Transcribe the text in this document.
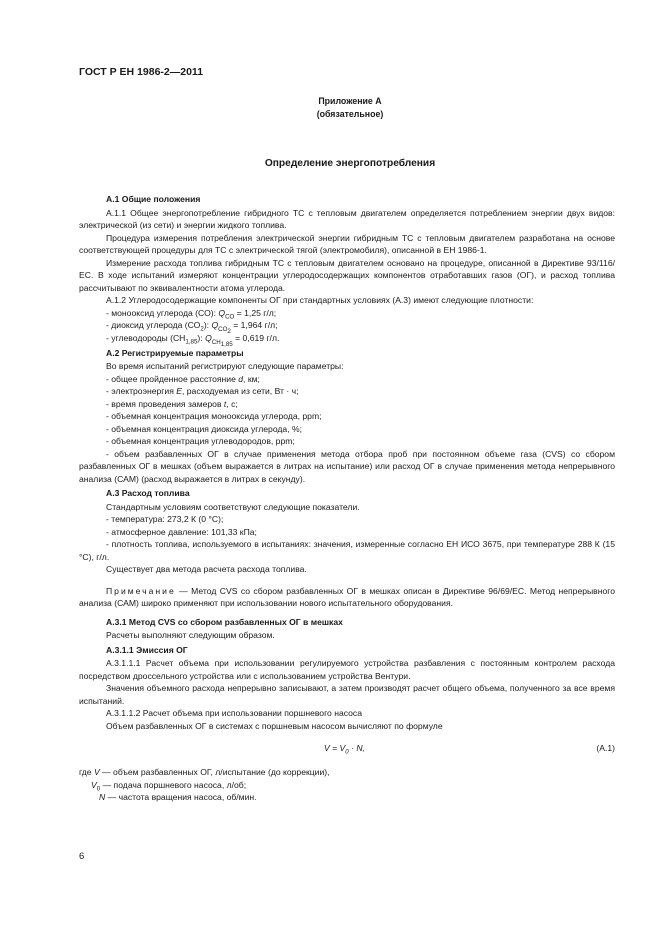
ГОСТ Р ЕН 1986-2—2011
Приложение А
(обязательное)
Определение энергопотребления
А.1 Общие положения

А.1.1 Общее энергопотребление гибридного ТС с тепловым двигателем определяется потреблением энергии двух видов: электрической (из сети) и энергии жидкого топлива.

Процедура измерения потребления электрической энергии гибридным ТС с тепловым двигателем разработана на основе соответствующей процедуры для ТС с электрической тягой (электромобиля), описанной в ЕН 1986-1.

Измерение расхода топлива гибридным ТС с тепловым двигателем основано на процедуре, описанной в Директиве 93/116/ЕС. В ходе испытаний измеряют концентрации углеродосодержащих компонентов отработавших газов (ОГ), и расход топлива рассчитывают по эквивалентности атома углерода.

А.1.2 Углеродосодержащие компоненты ОГ при стандартных условиях (А.3) имеют следующие плотности:

- монооксид углерода (СО): $Q_{CO} = 1,25$ г/л;

- диоксид углерода $(СО_2)$: $Q_{CO_2} = 1,964$ г/л;

- углеводороды $(СН_{1,85})$: $Q_{CH_{1,85}} = 0,619$ г/л.

А.2 Регистрируемые параметры

Во время испытаний регистрируют следующие параметры:

- общее пройденное расстояние d, км;

- электроэнергия Е, расходуемая из сети, Вт · ч;

- время проведения замеров t, с;

- объемная концентрация монооксида углерода, ppm;

- объемная концентрация диоксида углерода, %;

- объемная концентрация углеводородов, ppm;

- объем разбавленных ОГ в случае применения метода отбора проб при постоянном объеме газа (CVS) со сбором разбавленных ОГ в мешках (объем выражается в литрах на испытание) или расход ОГ в случае применения метода непрерывного анализа (САМ) (расход выражается в литрах в секунду).

А.3 Расход топлива

Стандартным условиям соответствуют следующие показатели.

- температура: 273,2 К (0 °С);

- атмосферное давление: 101,33 кПа;

- плотность топлива, используемого в испытаниях: значения, измеренные согласно ЕН ИСО 3675, при температуре 288 К (15 °С), г/л.

Существует два метода расчета расхода топлива.

Примечание — Метод CVS со сбором разбавленных ОГ в мешках описан в Директиве 96/69/ЕС. Метод непрерывного анализа (САМ) широко применяют при использовании нового испытательного оборудования.

А.3.1 Метод CVS со сбором разбавленных ОГ в мешках

Расчеты выполняют следующим образом.

А.3.1.1 Эмиссия ОГ

А.3.1.1.1 Расчет объема при использовании регулируемого устройства разбавления с постоянным контролем расхода посредством дроссельного устройства или с использованием устройства Вентури.

Значения объемного расхода непрерывно записывают, а затем производят расчет общего объема, полученного за все время испытаний.

А.3.1.1.2 Расчет объема при использовании поршневого насоса

Объем разбавленных ОГ в системах с поршневым насосом вычисляют по формуле

$V = V_0 \cdot N$,	(А.1)
где V — объем разбавленных ОГ, л/испытание (до коррекции),
$V_0$ — подача поршневого насоса, л/об;
N — частота вращения насоса, об/мин.
6
